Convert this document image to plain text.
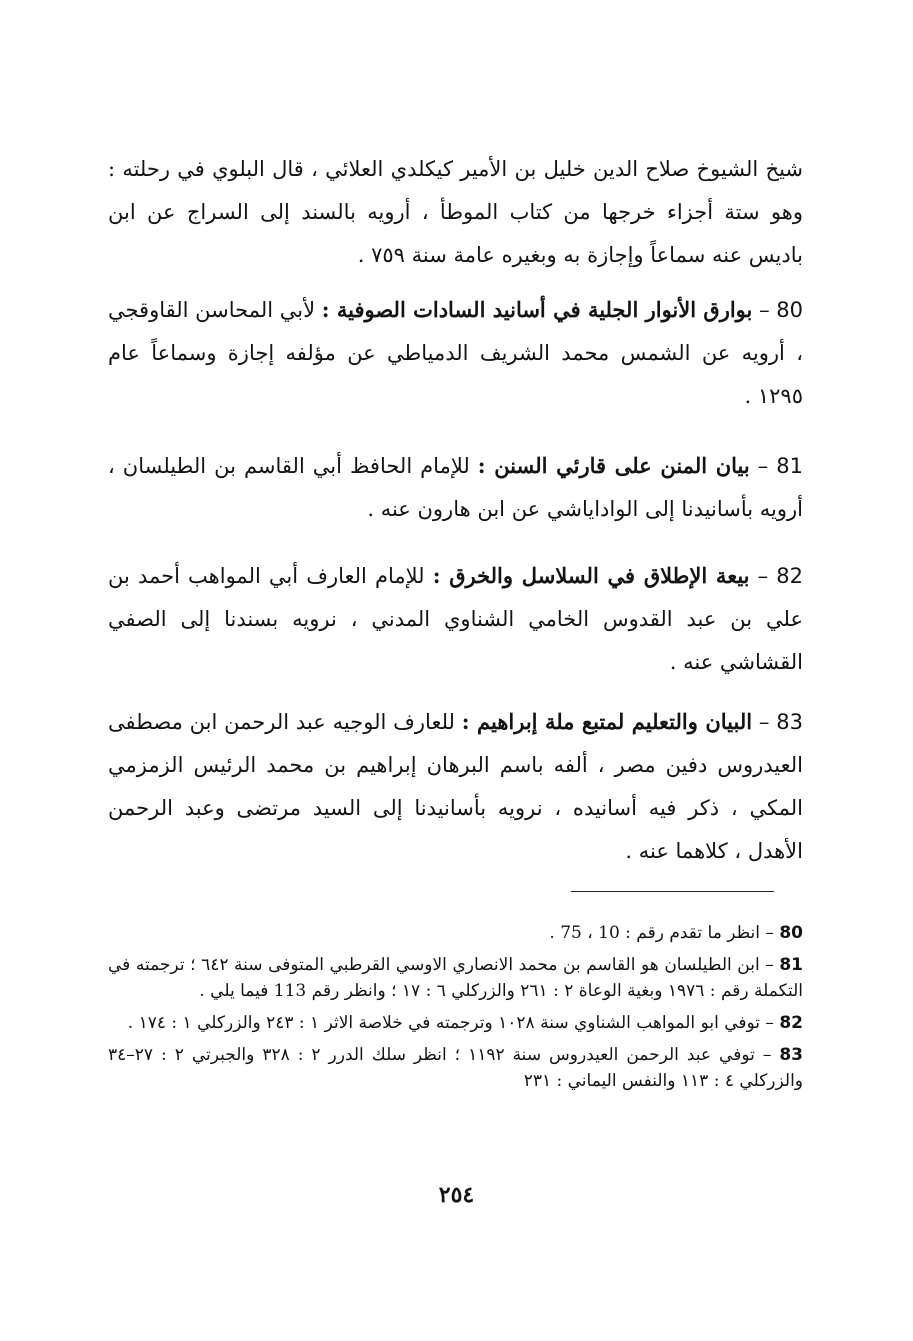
شيخ الشيوخ صلاح الدين خليل بن الأمير كيكلدي العلائي ، قال البلوي في رحلته : وهو ستة أجزاء خرجها من كتاب الموطأ ، أرويه بالسند إلى السراج عن ابن باديس عنه سماعاً وإجازة به وبغيره عامة سنة ٧٥٩ .

80 – بوارق الأنوار الجلية في أسانيد السادات الصوفية : لأبي المحاسن القاوقجي ، أرويه عن الشمس محمد الشريف الدمياطي عن مؤلفه إجازة وسماعاً عام ١٢٩٥ .

81 – بيان المنن على قارئي السنن : للإمام الحافظ أبي القاسم بن الطيلسان ، أرويه بأسانيدنا إلى الواداياشي عن ابن هارون عنه .

82 – بيعة الإطلاق في السلاسل والخرق : للإمام العارف أبي المواهب أحمد بن علي بن عبد القدوس الخامي الشناوي المدني ، نرويه بسندنا إلى الصفي القشاشي عنه .

83 – البيان والتعليم لمتبع ملة إبراهيم : للعارف الوجيه عبد الرحمن ابن مصطفى العيدروس دفين مصر ، ألفه باسم البرهان إبراهيم بن محمد الرئيس الزمزمي المكي ، ذكر فيه أسانيده ، نرويه بأسانيدنا إلى السيد مرتضى وعبد الرحمن الأهدل ، كلاهما عنه .

80 – انظر ما تقدم رقم : 10 ، 75 .

81 – ابن الطيلسان هو القاسم بن محمد الانصاري الاوسي القرطبي المتوفى سنة ٦٤٢ ؛ ترجمته في التكملة رقم : ١٩٧٦ وبغية الوعاة ٢ : ٢٦١ والزركلي ٦ : ١٧ ؛ وانظر رقم 113 فيما يلي .

82 – توفي ابو المواهب الشناوي سنة ١٠٢٨ وترجمته في خلاصة الاثر ١ : ٢٤٣ والزركلي ١ : ١٧٤ .

83 – توفي عبد الرحمن العيدروس سنة ١١٩٢ ؛ انظر سلك الدرر ٢ : ٣٢٨ والجبرتي ٢ : ٢٧–٣٤ والزركلي ٤ : ١١٣ والنفس اليماني : ٢٣١

٢٥٤
